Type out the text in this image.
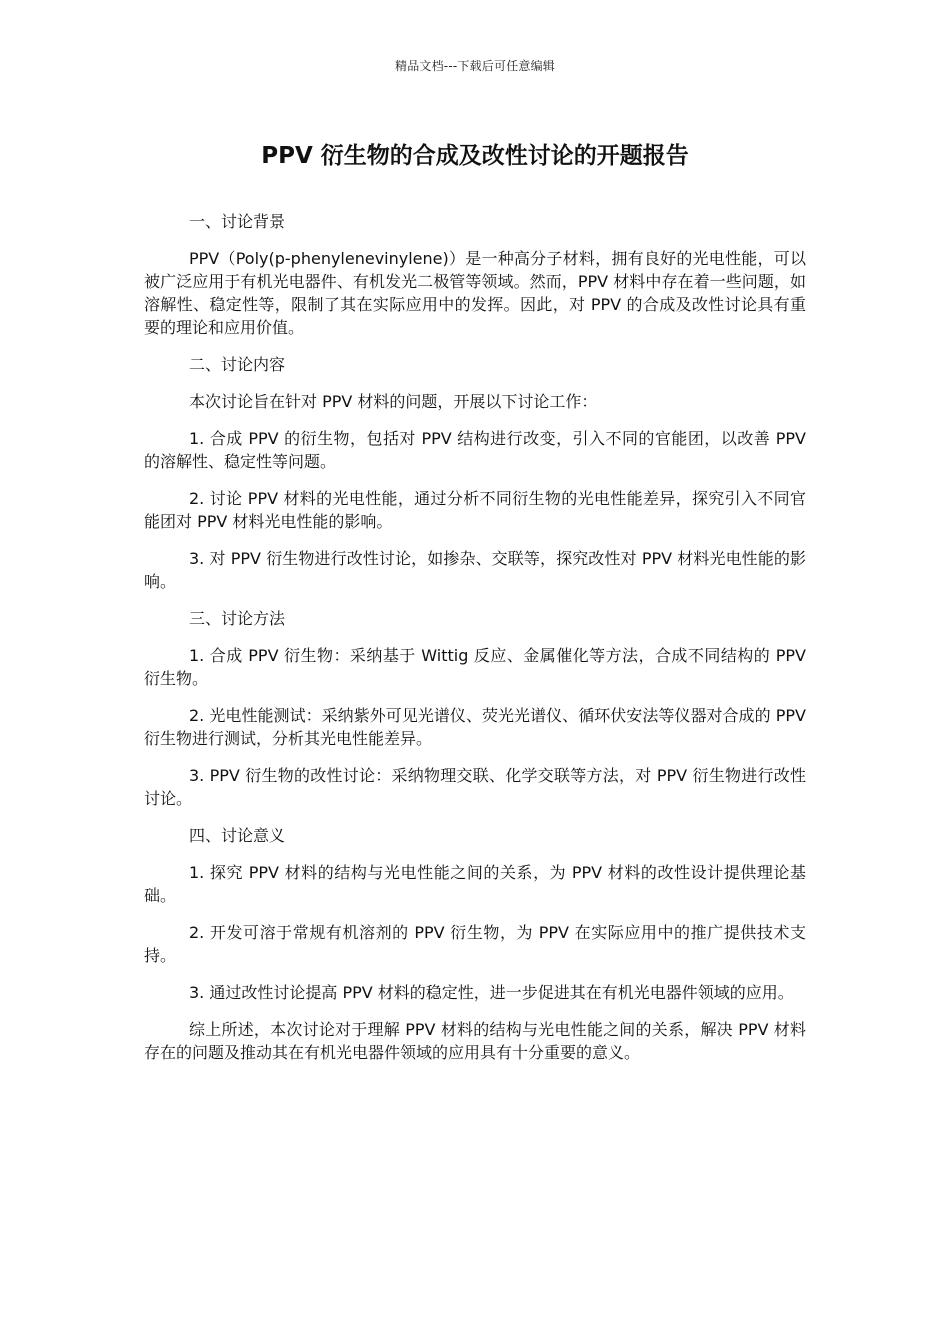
精品文档---下载后可任意编辑
PPV 衍生物的合成及改性讨论的开题报告
一、讨论背景

PPV（Poly(p-phenylenevinylene)）是一种高分子材料，拥有良好的光电性能，可以被广泛应用于有机光电器件、有机发光二极管等领域。然而，PPV 材料中存在着一些问题，如溶解性、稳定性等，限制了其在实际应用中的发挥。因此，对 PPV 的合成及改性讨论具有重要的理论和应用价值。

二、讨论内容

本次讨论旨在针对 PPV 材料的问题，开展以下讨论工作：

1. 合成 PPV 的衍生物，包括对 PPV 结构进行改变，引入不同的官能团，以改善 PPV 的溶解性、稳定性等问题。

2. 讨论 PPV 材料的光电性能，通过分析不同衍生物的光电性能差异，探究引入不同官能团对 PPV 材料光电性能的影响。

3. 对 PPV 衍生物进行改性讨论，如掺杂、交联等，探究改性对 PPV 材料光电性能的影响。

三、讨论方法

1. 合成 PPV 衍生物：采纳基于 Wittig 反应、金属催化等方法，合成不同结构的 PPV 衍生物。

2. 光电性能测试：采纳紫外可见光谱仪、荧光光谱仪、循环伏安法等仪器对合成的 PPV 衍生物进行测试，分析其光电性能差异。

3. PPV 衍生物的改性讨论：采纳物理交联、化学交联等方法，对 PPV 衍生物进行改性讨论。

四、讨论意义

1. 探究 PPV 材料的结构与光电性能之间的关系，为 PPV 材料的改性设计提供理论基础。

2. 开发可溶于常规有机溶剂的 PPV 衍生物，为 PPV 在实际应用中的推广提供技术支持。

3. 通过改性讨论提高 PPV 材料的稳定性，进一步促进其在有机光电器件领域的应用。

综上所述，本次讨论对于理解 PPV 材料的结构与光电性能之间的关系，解决 PPV 材料存在的问题及推动其在有机光电器件领域的应用具有十分重要的意义。
